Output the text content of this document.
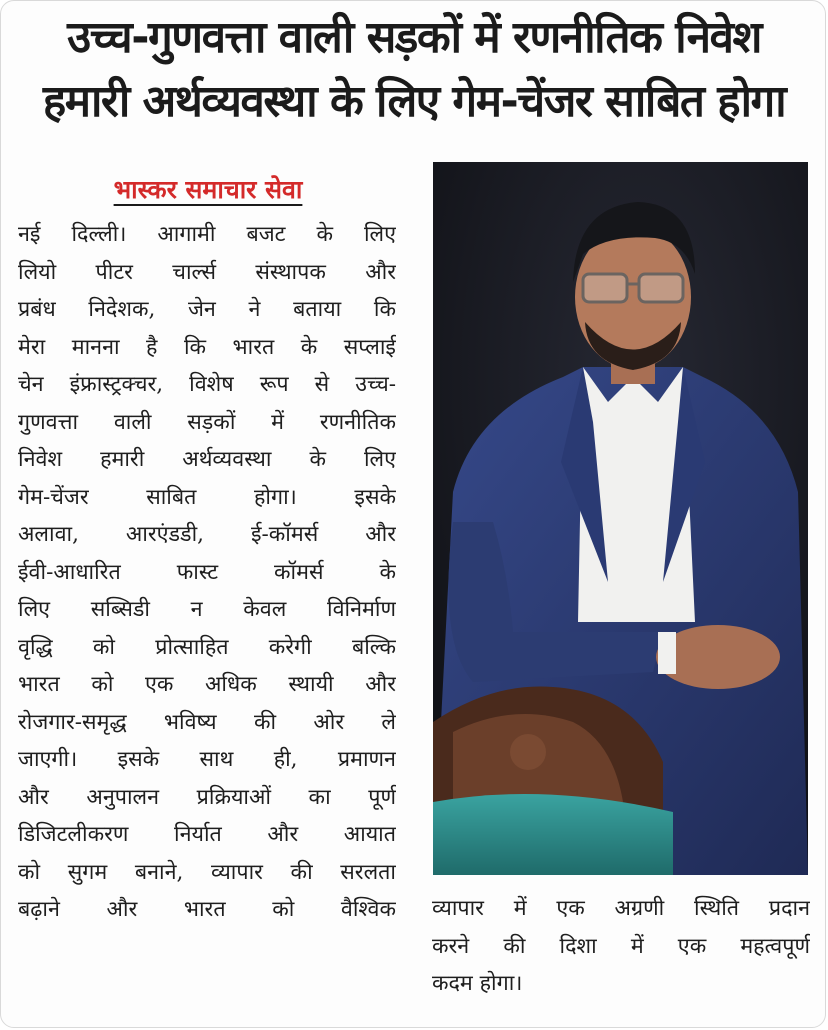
उच्च-गुणवत्ता वाली सड़कों में रणनीतिक निवेश
हमारी अर्थव्यवस्था के लिए गेम-चेंजर साबित होगा
भास्कर समाचार सेवा
नई दिल्ली। आगामी बजट के लिए
लियो पीटर चार्ल्स संस्थापक और
प्रबंध निदेशक, जेन ने बताया कि
मेरा मानना है कि भारत के सप्लाई
चेन इंफ्रास्ट्रक्चर, विशेष रूप से उच्च-
गुणवत्ता वाली सड़कों में रणनीतिक
निवेश हमारी अर्थव्यवस्था के लिए
गेम-चेंजर साबित होगा। इसके
अलावा, आरएंडडी, ई-कॉमर्स और
ईवी-आधारित फास्ट कॉमर्स के
लिए सब्सिडी न केवल विनिर्माण
वृद्धि को प्रोत्साहित करेगी बल्कि
भारत को एक अधिक स्थायी और
रोजगार-समृद्ध भविष्य की ओर ले
जाएगी। इसके साथ ही, प्रमाणन
और अनुपालन प्रक्रियाओं का पूर्ण
डिजिटलीकरण निर्यात और आयात
को सुगम बनाने, व्यापार की सरलता
बढ़ाने और भारत को वैश्विक व्यापार में एक अग्रणी स्थिति प्रदान
करने की दिशा में एक महत्वपूर्ण
कदम होगा।
